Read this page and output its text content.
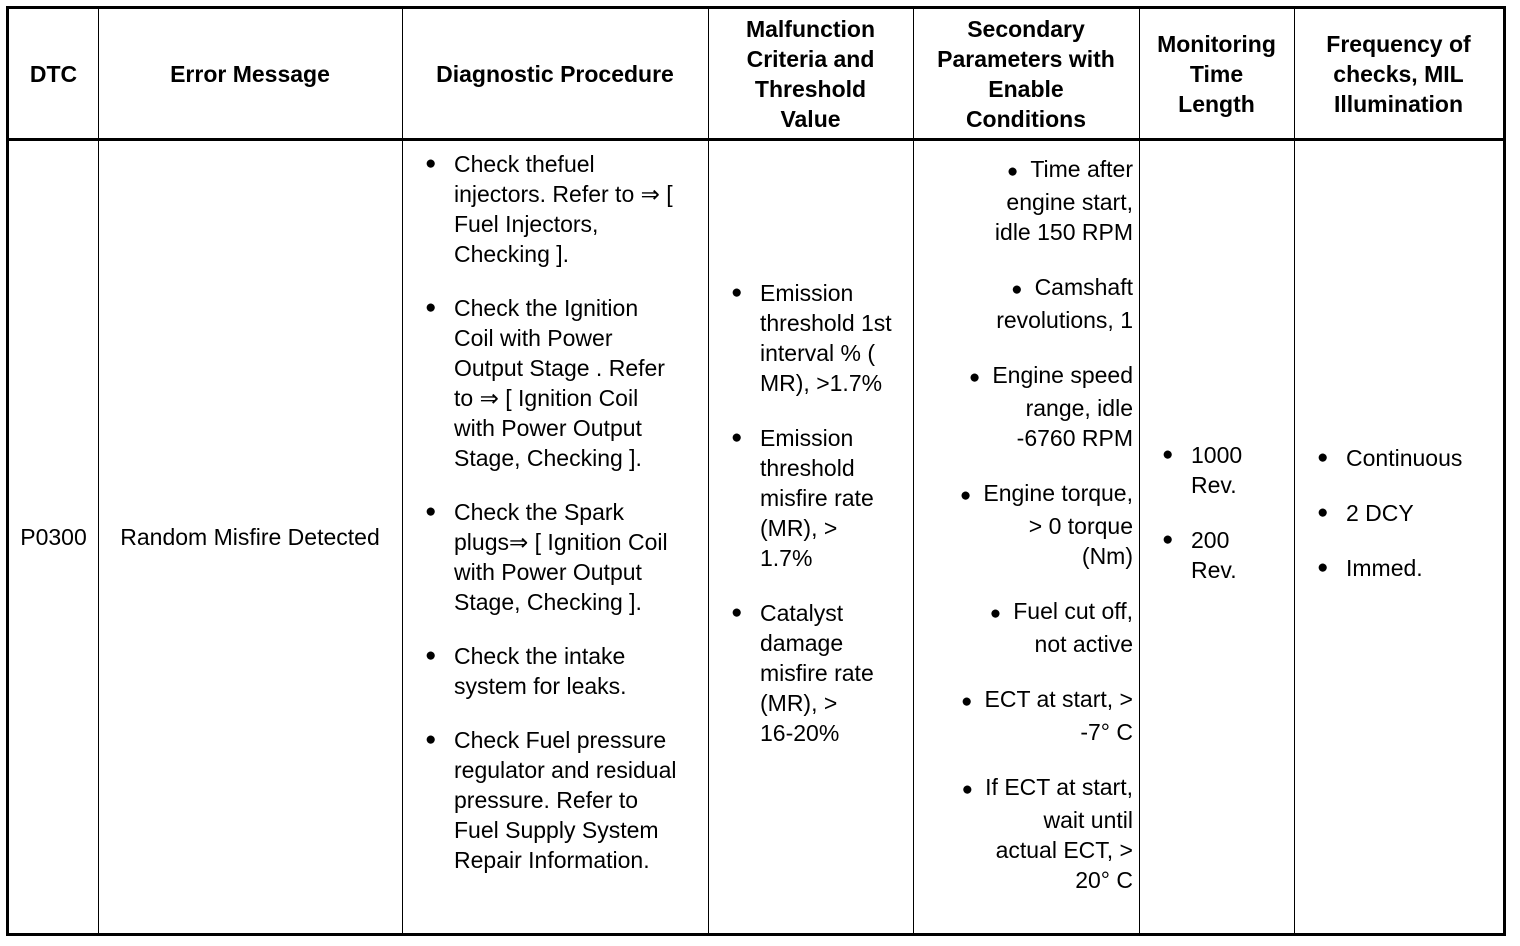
DTC	Error Message	Diagnostic Procedure
Malfunction
Criteria and
Threshold
Value
Secondary
Parameters with
Enable
Conditions
Monitoring
Time
Length
Frequency of
checks, MIL
Illumination
P0300 Random Misfire Detected
● Check thefuel
injectors. Refer to ⇒ [
Fuel Injectors,
Checking ].
● Check the Ignition
Coil with Power
Output Stage . Refer
to ⇒ [ Ignition Coil
with Power Output
Stage, Checking ].
● Check the Spark
plugs⇒ [ Ignition Coil
with Power Output
Stage, Checking ].
● Check the intake
system for leaks.
● Check Fuel pressure
regulator and residual
pressure. Refer to
Fuel Supply System
Repair Information.
● Emission
threshold 1st
interval % (
MR), >1.7%
● Emission
threshold
misfire rate
(MR), >
1.7%
● Catalyst
damage
misfire rate
(MR), >
16-20%
● Time after
engine start,
idle 150 RPM
● Camshaft
revolutions, 1
● Engine speed
range, idle
-6760 RPM
● Engine torque,
> 0 torque
(Nm)
● Fuel cut off,
not active
● ECT at start, >
-7° C
● If ECT at start,
wait until
actual ECT, >
20° C
● 1000
Rev.
● 200
Rev.
● Continuous
● 2 DCY
● Immed.
